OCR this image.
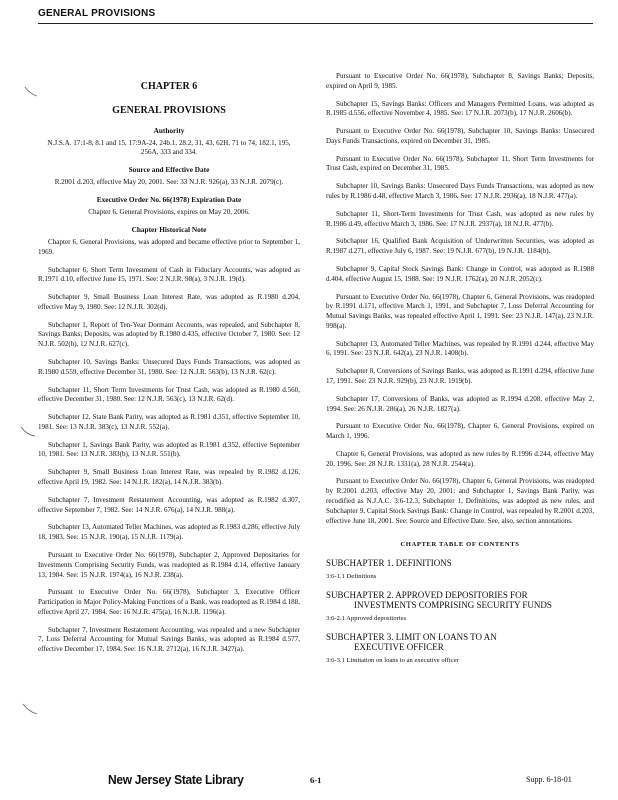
GENERAL PROVISIONS
CHAPTER 6
GENERAL PROVISIONS
Authority

N.J.S.A. 17:1-8, 8.1 and 15, 17:9A-24, 24b.1, 28.2, 31, 43, 62H, 71 to 74, 182.1, 195, 256A, 333 and 334.

Source and Effective Date

R.2001 d.203, effective May 20, 2001. See: 33 N.J.R. 926(a), 33 N.J.R. 2079(c).

Executive Order No. 66(1978) Expiration Date

Chapter 6, General Provisions, expires on May 20, 2006.

Chapter Historical Note

Chapter 6, General Provisions, was adopted and became effective prior to September 1, 1969.

Subchapter 6, Short Term Investment of Cash in Fiduciary Accounts, was adopted as R.1971 d.10, effective June 15, 1971. See: 2 N.J.R. 98(a), 3 N.J.R. 19(d).

Subchapter 9, Small Business Loan Interest Rate, was adopted as R.1980 d.204, effective May 9, 1980. See: 12 N.J.R. 302(d).

Subchapter 1, Report of Ten-Year Dormant Accounts, was repealed, and Subchapter 8, Savings Banks; Deposits, was adopted by R.1980 d.435, effective October 7, 1980. See: 12 N.J.R. 502(b), 12 N.J.R. 627(c).

Subchapter 10, Savings Banks: Unsecured Days Funds Transactions, was adopted as R.1980 d.559, effective December 31, 1980. See: 12 N.J.R. 563(b), 13 N.J.R. 62(c).

Subchapter 11, Short Term Investments for Trust Cash, was adopted as R.1980 d.560, effective December 31, 1980. See: 12 N.J.R. 563(c), 13 N.J.R. 62(d).

Subchapter 12, State Bank Parity, was adopted as R.1981 d.351, effective September 10, 1981. See: 13 N.J.R. 383(c), 13 N.J.R. 552(a).

Subchapter 1, Savings Bank Parity, was adopted as R.1981 d.352, effective September 10, 1981. See: 13 N.J.R. 383(b), 13 N.J.R. 551(b).

Subchapter 9, Small Business Loan Interest Rate, was repealed by R.1982 d.126, effective April 19, 1982. See: 14 N.J.R. 182(a), 14 N.J.R. 383(b).

Subchapter 7, Investment Restatement Accounting, was adopted as R.1982 d.307, effective September 7, 1982. See: 14 N.J.R. 676(a), 14 N.J.R. 988(a).

Subchapter 13, Automated Teller Machines, was adopted as R.1983 d.286, effective July 18, 1983. See: 15 N.J.R. 190(a), 15 N.J.R. 1179(a).

Pursuant to Executive Order No. 66(1978), Subchapter 2, Approved Depositaries for Investments Comprising Security Funds, was readopted as R.1984 d.14, effective January 13, 1984. See: 15 N.J.R. 1974(a), 16 N.J.R. 238(a).

Pursuant to Executive Order No. 66(1978), Subchapter 3, Executive Officer Participation in Major Policy-Making Functions of a Bank, was readopted as R.1984 d.188, effective April 27, 1984. See: 16 N.J.R. 475(a), 16 N.J.R. 1196(a).

Subchapter 7, Investment Restatement Accounting, was repealed and a new Subchapter 7, Loss Deferral Accounting for Mutual Savings Banks, was adopted as R.1984 d.577, effective December 17, 1984. See: 16 N.J.R. 2712(a), 16 N.J.R. 3427(a).

Pursuant to Executive Order No. 66(1978), Subchapter 8, Savings Banks; Deposits, expired on April 9, 1985.

Subchapter 15, Savings Banks: Officers and Managers Permitted Loans, was adopted as R.1985 d.556, effective November 4, 1985. See: 17 N.J.R. 2073(b), 17 N.J.R. 2606(b).

Pursuant to Executive Order No. 66(1978), Subchapter 10, Savings Banks: Unsecured Days Funds Transactions, expired on December 31, 1985.

Pursuant to Executive Order No. 66(1978), Subchapter 11, Short Term Investments for Trust Cash, expired on December 31, 1985.

Subchapter 10, Savings Banks: Unsecured Days Funds Transactions, was adopted as new rules by R.1986 d.48, effective March 3, 1986. See: 17 N.J.R. 2936(a), 18 N.J.R. 477(a).

Subchapter 11, Short-Term Investments for Trust Cash, was adopted as new rules by R.1986 d.49, effective March 3, 1986. See: 17 N.J.R. 2937(a), 18 N.J.R. 477(b).

Subchapter 16, Qualified Bank Acquisition of Underwritten Securities, was adopted as R.1987 d.271, effective July 6, 1987. See: 19 N.J.R. 677(b), 19 N.J.R. 1184(b).

Subchapter 9, Capital Stock Savings Bank: Change in Control, was adopted as R.1988 d.404, effective August 15, 1988. See: 19 N.J.R. 1762(a), 20 N.J.R. 2052(c).

Pursuant to Executive Order No. 66(1978), Chapter 6, General Provisions, was readopted by R.1991 d.171, effective March 1, 1991, and Subchapter 7, Loss Deferral Accounting for Mutual Savings Banks, was repealed effective April 1, 1991. See: 23 N.J.R. 147(a), 23 N.J.R. 998(a).

Subchapter 13, Automated Teller Machines, was repealed by R.1991 d.244, effective May 6, 1991. See: 23 N.J.R. 642(a), 23 N.J.R. 1408(b).

Subchapter 8, Conversions of Savings Banks, was adopted as R.1991 d.294, effective June 17, 1991. See: 23 N.J.R. 929(b), 23 N.J.R. 1919(b).

Subchapter 17, Conversions of Banks, was adopted as R.1994 d.208, effective May 2, 1994. See: 26 N.J.R. 286(a), 26 N.J.R. 1827(a).

Pursuant to Executive Order No. 66(1978), Chapter 6, General Provisions, expired on March 1, 1996.

Chapter 6, General Provisions, was adopted as new rules by R.1996 d.244, effective May 20, 1996. See: 28 N.J.R. 1331(a), 28 N.J.R. 2544(a).

Pursuant to Executive Order No. 66(1978), Chapter 6, General Provisions, was readopted by R.2001 d.203, effective May 20, 2001; and Subchapter 1, Savings Bank Parity, was recodified as N.J.A.C. 3:6-12.3, Subchapter 1, Definitions, was adopted as new rules, and Subchapter 9, Capital Stock Savings Bank: Change in Control, was repealed by R.2001 d.203, effective June 18, 2001. See: Source and Effective Date. See, also, section annotations.

CHAPTER TABLE OF CONTENTS
SUBCHAPTER 1. DEFINITIONS
3:6-1.1 Definitions
SUBCHAPTER 2. APPROVED DEPOSITORIES FOR
INVESTMENTS COMPRISING SECURITY FUNDS
3:6-2.1 Approved depositories
SUBCHAPTER 3. LIMIT ON LOANS TO AN
EXECUTIVE OFFICER
3:6-3.1 Limitation on loans to an executive officer
New Jersey State Library	6-1	Supp. 6-18-01
